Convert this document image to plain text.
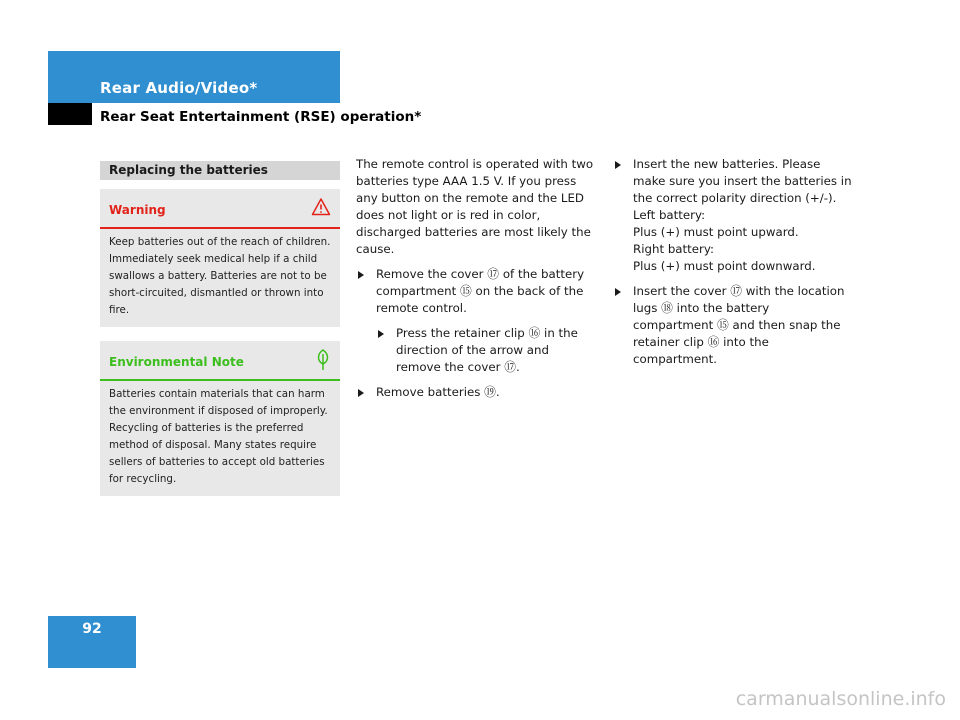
Rear Audio/Video*
Rear Seat Entertainment (RSE) operation*
Replacing the batteries
Warning
Keep batteries out of the reach of children. Immediately seek medical help if a child swallows a battery. Batteries are not to be short-circuited, dismantled or thrown into fire.
Environmental Note
Batteries contain materials that can harm the environment if disposed of improperly. Recycling of batteries is the preferred method of disposal. Many states require sellers of batteries to accept old batteries for recycling.

The remote control is operated with two batteries type AAA 1.5 V. If you press any button on the remote and the LED does not light or is red in color, discharged batteries are most likely the cause.

Remove the cover ⑰ of the battery compartment ⑮ on the back of the remote control.
Press the retainer clip ⑯ in the direction of the arrow and remove the cover ⑰.
Remove batteries ⑲.
Insert the new batteries. Please make sure you insert the batteries in the correct polarity direction (+/-).

Left battery:

Plus (+) must point upward.

Right battery:

Plus (+) must point downward.

Insert the cover ⑰ with the location lugs ⑱ into the battery compartment ⑮ and then snap the retainer clip ⑯ into the compartment.
92
carmanualsonline.info
